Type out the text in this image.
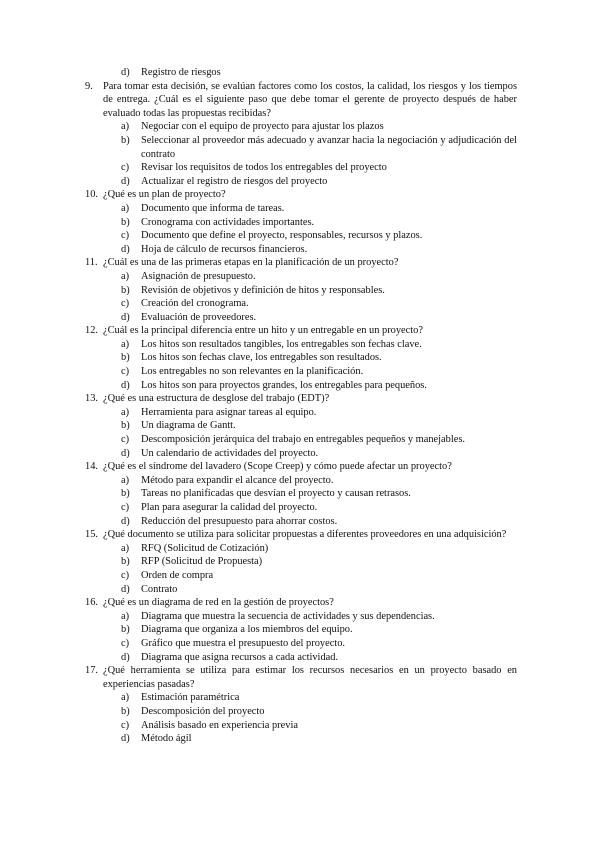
d) Registro de riesgos
9. Para tomar esta decisión, se evalúan factores como los costos, la calidad, los riesgos y los tiempos de entrega. ¿Cuál es el siguiente paso que debe tomar el gerente de proyecto después de haber evaluado todas las propuestas recibidas?
a) Negociar con el equipo de proyecto para ajustar los plazos
b) Seleccionar al proveedor más adecuado y avanzar hacia la negociación y adjudicación del contrato
c) Revisar los requisitos de todos los entregables del proyecto
d) Actualizar el registro de riesgos del proyecto
10. ¿Qué es un plan de proyecto?
a) Documento que informa de tareas.
b) Cronograma con actividades importantes.
c) Documento que define el proyecto, responsables, recursos y plazos.
d) Hoja de cálculo de recursos financieros.
11. ¿Cuál es una de las primeras etapas en la planificación de un proyecto?
a) Asignación de presupuesto.
b) Revisión de objetivos y definición de hitos y responsables.
c) Creación del cronograma.
d) Evaluación de proveedores.
12. ¿Cuál es la principal diferencia entre un hito y un entregable en un proyecto?
a) Los hitos son resultados tangibles, los entregables son fechas clave.
b) Los hitos son fechas clave, los entregables son resultados.
c) Los entregables no son relevantes en la planificación.
d) Los hitos son para proyectos grandes, los entregables para pequeños.
13. ¿Qué es una estructura de desglose del trabajo (EDT)?
a) Herramienta para asignar tareas al equipo.
b) Un diagrama de Gantt.
c) Descomposición jerárquica del trabajo en entregables pequeños y manejables.
d) Un calendario de actividades del proyecto.
14. ¿Qué es el síndrome del lavadero (Scope Creep) y cómo puede afectar un proyecto?
a) Método para expandir el alcance del proyecto.
b) Tareas no planificadas que desvían el proyecto y causan retrasos.
c) Plan para asegurar la calidad del proyecto.
d) Reducción del presupuesto para ahorrar costos.
15. ¿Qué documento se utiliza para solicitar propuestas a diferentes proveedores en una adquisición?
a) RFQ (Solicitud de Cotización)
b) RFP (Solicitud de Propuesta)
c) Orden de compra
d) Contrato
16. ¿Qué es un diagrama de red en la gestión de proyectos?
a) Diagrama que muestra la secuencia de actividades y sus dependencias.
b) Diagrama que organiza a los miembros del equipo.
c) Gráfico que muestra el presupuesto del proyecto.
d) Diagrama que asigna recursos a cada actividad.
17. ¿Qué herramienta se utiliza para estimar los recursos necesarios en un proyecto basado en experiencias pasadas?
a) Estimación paramétrica
b) Descomposición del proyecto
c) Análisis basado en experiencia previa
d) Método ágil
